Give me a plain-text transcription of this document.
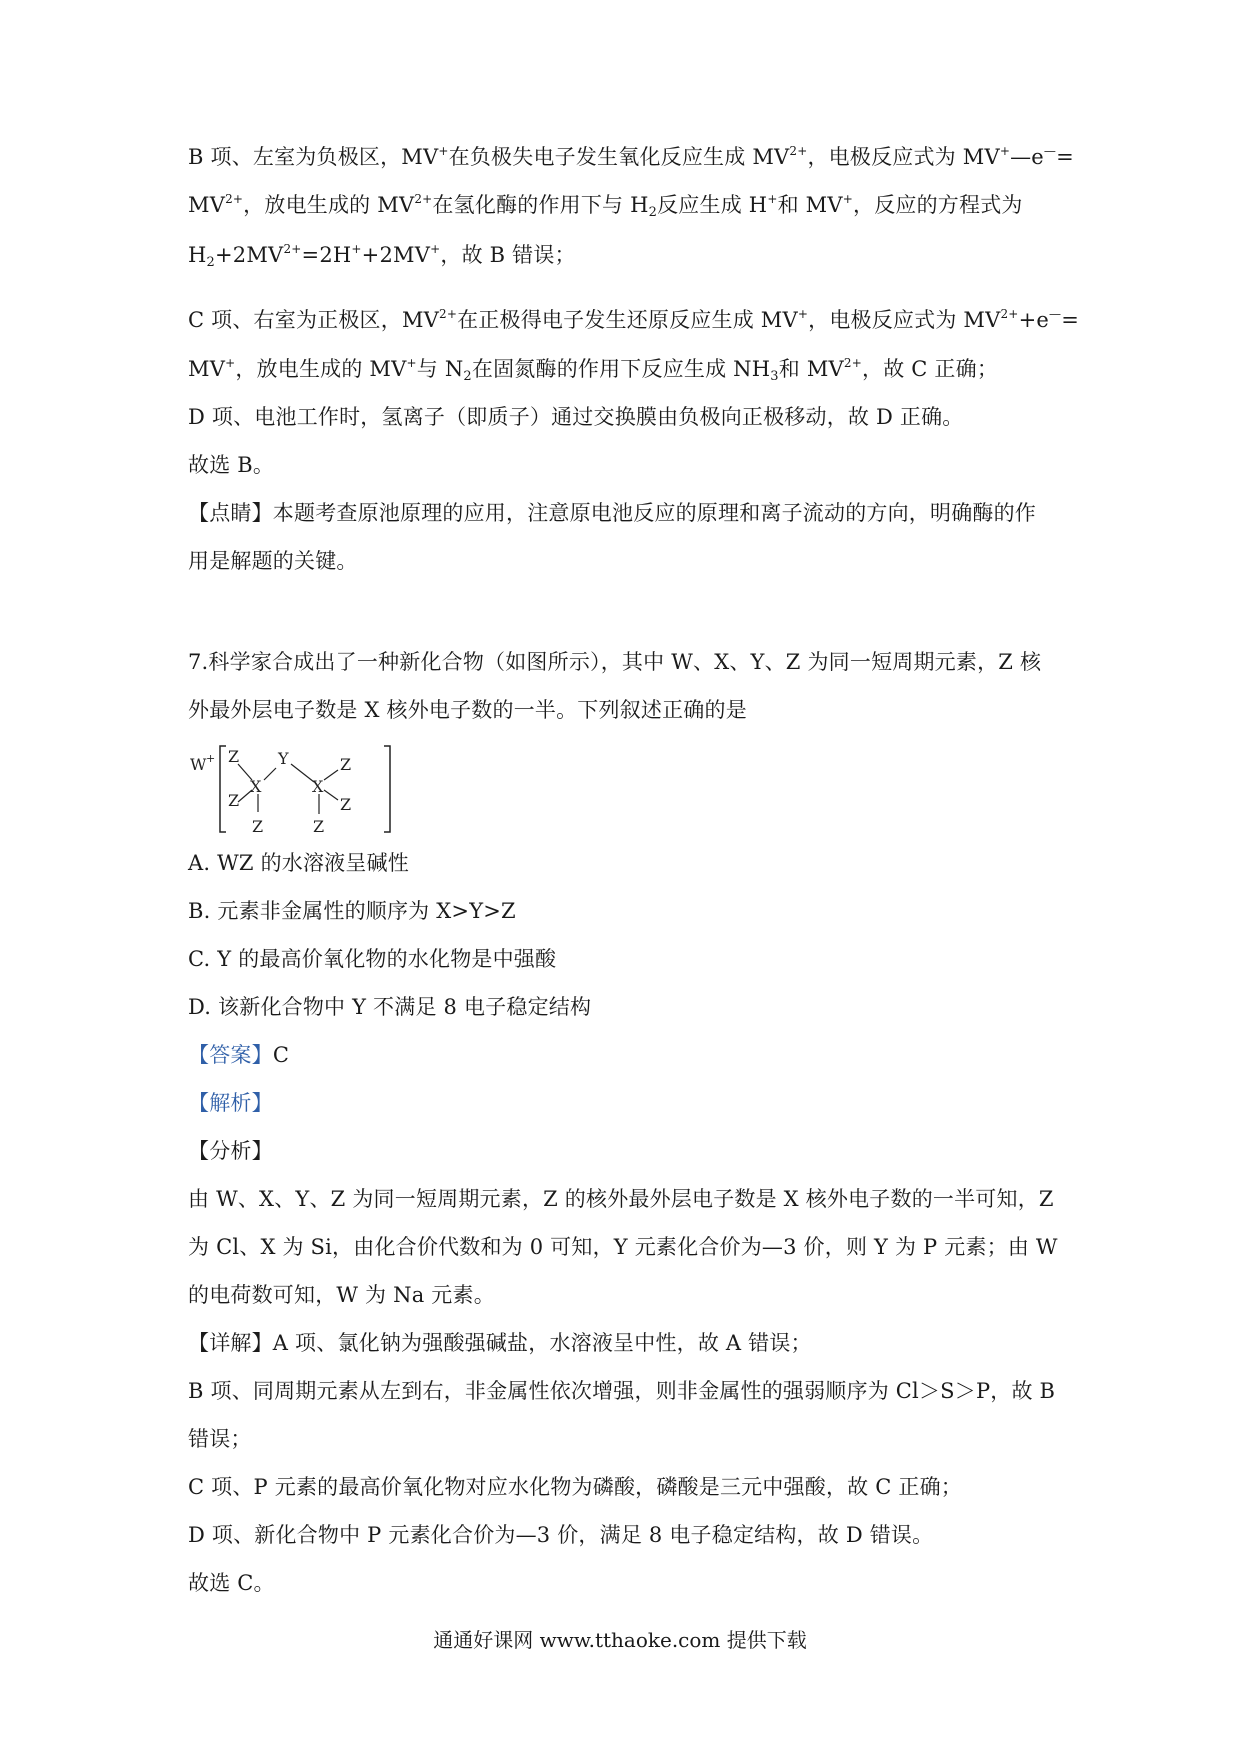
B 项、左室为负极区，MV+在负极失电子发生氧化反应生成 $MV^{2+}$，电极反应式为 MV+—e—=
$MV^{2+}$，放电生成的 $MV^{2+}$在氢化酶的作用下与 $H_2$反应生成 H+和 MV+，反应的方程式为
$H_2+2MV^{2+}=2H^++2MV^+$，故 B 错误；
C 项、右室为正极区，$MV^{2+}$在正极得电子发生还原反应生成 MV+，电极反应式为 $MV^{2+}+e^—=$
MV+，放电生成的 MV+与 $N_2$在固氮酶的作用下反应生成 $NH_3$和 $MV^{2+}$，故 C 正确；
D 项、电池工作时，氢离子（即质子）通过交换膜由负极向正极移动，故 D 正确。
故选 B。
【点睛】本题考查原池原理的应用，注意原电池反应的原理和离子流动的方向，明确酶的作
用是解题的关键。
7.科学家合成出了一种新化合物（如图所示），其中 W、X、Y、Z 为同一短周期元素，Z 核
外最外层电子数是 X 核外电子数的一半。下列叙述正确的是
W + Z
Z
X
Z
Y
X
Z
Z
Z
A. WZ 的水溶液呈碱性
B. 元素非金属性的顺序为 X>Y>Z
C. Y 的最高价氧化物的水化物是中强酸
D. 该新化合物中 Y 不满足 8 电子稳定结构
【答案】C
【解析】
【分析】
由 W、X、Y、Z 为同一短周期元素，Z 的核外最外层电子数是 X 核外电子数的一半可知，Z
为 Cl、X 为 Si，由化合价代数和为 0 可知，Y 元素化合价为—3 价，则 Y 为 P 元素；由 W
的电荷数可知，W 为 Na 元素。
【详解】A 项、氯化钠为强酸强碱盐，水溶液呈中性，故 A 错误；
B 项、同周期元素从左到右，非金属性依次增强，则非金属性的强弱顺序为 Cl＞S＞P，故 B
错误；
C 项、P 元素的最高价氧化物对应水化物为磷酸，磷酸是三元中强酸，故 C 正确；
D 项、新化合物中 P 元素化合价为—3 价，满足 8 电子稳定结构，故 D 错误。
故选 C。
通通好课网 www.tthaoke.com 提供下载
